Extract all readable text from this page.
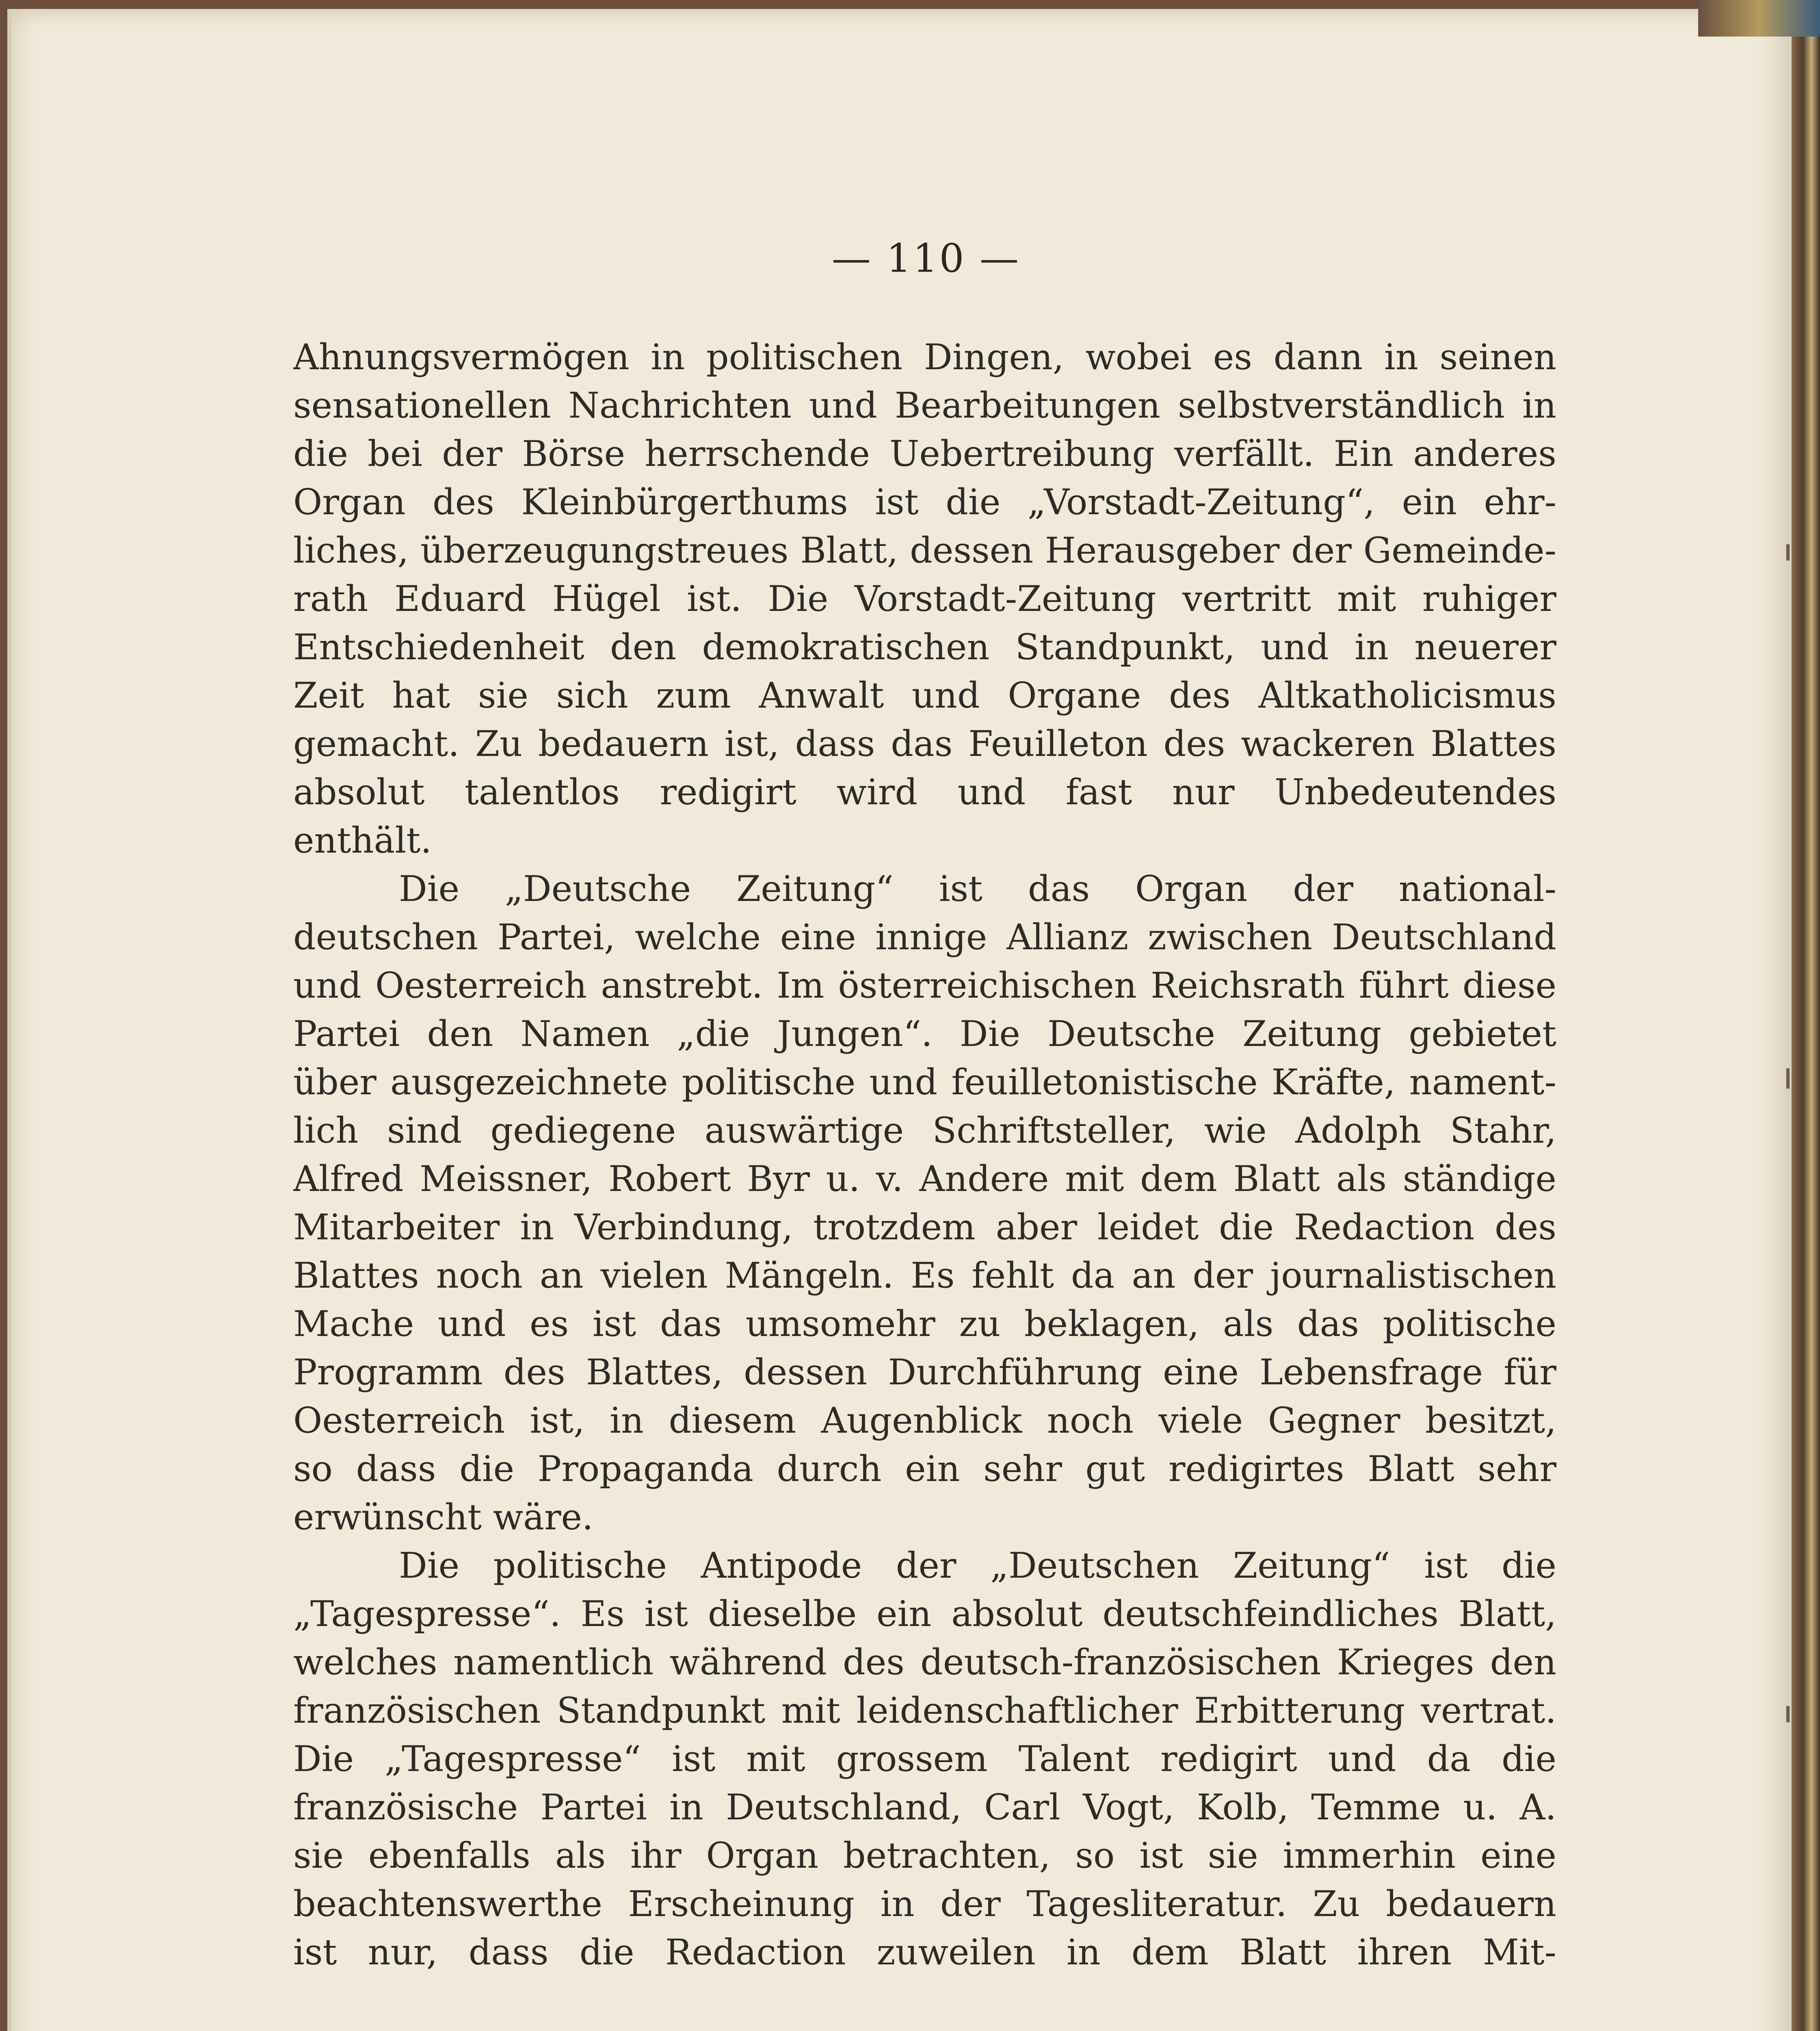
— 110 —
Ahnungsvermögen in politischen Dingen, wobei es dann in seinen
sensationellen Nachrichten und Bearbeitungen selbstverständlich in
die bei der Börse herrschende Uebertreibung verfällt. Ein anderes
Organ des Kleinbürgerthums ist die „Vorstadt-Zeitung“, ein ehr-
liches, überzeugungstreues Blatt, dessen Herausgeber der Gemeinde-
rath Eduard Hügel ist. Die Vorstadt-Zeitung vertritt mit ruhiger
Entschiedenheit den demokratischen Standpunkt, und in neuerer
Zeit hat sie sich zum Anwalt und Organe des Altkatholicismus
gemacht. Zu bedauern ist, dass das Feuilleton des wackeren Blattes
absolut talentlos redigirt wird und fast nur Unbedeutendes
enthält.
Die „Deutsche Zeitung“ ist das Organ der national-
deutschen Partei, welche eine innige Allianz zwischen Deutschland
und Oesterreich anstrebt. Im österreichischen Reichsrath führt diese
Partei den Namen „die Jungen“. Die Deutsche Zeitung gebietet
über ausgezeichnete politische und feuilletonistische Kräfte, nament-
lich sind gediegene auswärtige Schriftsteller, wie Adolph Stahr,
Alfred Meissner, Robert Byr u. v. Andere mit dem Blatt als ständige
Mitarbeiter in Verbindung, trotzdem aber leidet die Redaction des
Blattes noch an vielen Mängeln. Es fehlt da an der journalistischen
Mache und es ist das umsomehr zu beklagen, als das politische
Programm des Blattes, dessen Durchführung eine Lebensfrage für
Oesterreich ist, in diesem Augenblick noch viele Gegner besitzt,
so dass die Propaganda durch ein sehr gut redigirtes Blatt sehr
erwünscht wäre.
Die politische Antipode der „Deutschen Zeitung“ ist die
„Tagespresse“. Es ist dieselbe ein absolut deutschfeindliches Blatt,
welches namentlich während des deutsch-französischen Krieges den
französischen Standpunkt mit leidenschaftlicher Erbitterung vertrat.
Die „Tagespresse“ ist mit grossem Talent redigirt und da die
französische Partei in Deutschland, Carl Vogt, Kolb, Temme u. A.
sie ebenfalls als ihr Organ betrachten, so ist sie immerhin eine
beachtenswerthe Erscheinung in der Tagesliteratur. Zu bedauern
ist nur, dass die Redaction zuweilen in dem Blatt ihren Mit-
